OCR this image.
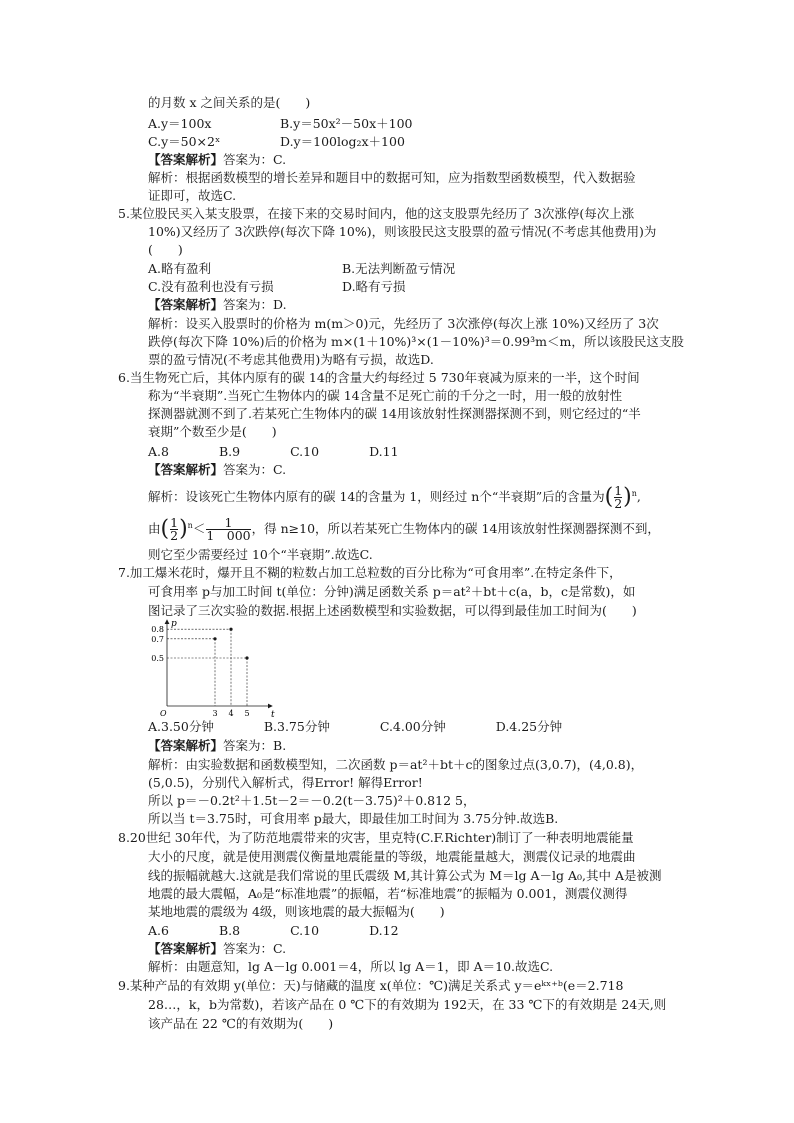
的月数 x 之间关系的是(　　)
A.y＝100x	B.y＝50x²－50x＋100
C.y＝50×2ˣ	D.y＝100log₂x＋100
【答案解析】答案为：C.
解析：根据函数模型的增长差异和题目中的数据可知，应为指数型函数模型，代入数据验
证即可，故选C.
5.某位股民买入某支股票，在接下来的交易时间内，他的这支股票先经历了 3次涨停(每次上涨
10%)又经历了 3次跌停(每次下降 10%)，则该股民这支股票的盈亏情况(不考虑其他费用)为
(　　)
A.略有盈利	B.无法判断盈亏情况
C.没有盈利也没有亏损	D.略有亏损
【答案解析】答案为：D.
解析：设买入股票时的价格为 m(m＞0)元，先经历了 3次涨停(每次上涨 10%)又经历了 3次
跌停(每次下降 10%)后的价格为 m×(1＋10%)³×(1－10%)³＝0.99³m＜m，所以该股民这支股
票的盈亏情况(不考虑其他费用)为略有亏损，故选D.
6.当生物死亡后，其体内原有的碳 14的含量大约每经过 5 730年衰减为原来的一半，这个时间
称为“半衰期”.当死亡生物体内的碳 14含量不足死亡前的千分之一时，用一般的放射性
探测器就测不到了.若某死亡生物体内的碳 14用该放射性探测器探测不到，则它经过的“半
衰期”个数至少是(　　)
A.8　　　　B.9　　　　C.10　　　　D.11
【答案解析】答案为：C.
解析：设该死亡生物体内原有的碳 14的含量为 1，则经过 n个“半衰期”后的含量为( $\frac{1}{2} )^n$,
由( $\frac{1}{2} )^n< \frac{1}{1 000}$ ，得 n≥10，所以若某死亡生物体内的碳 14用该放射性探测器探测不到，
则它至少需要经过 10个“半衰期”.故选C.
7.加工爆米花时，爆开且不糊的粒数占加工总粒数的百分比称为“可食用率”.在特定条件下，
可食用率 p与加工时间 t(单位：分钟)满足函数关系 p＝at²＋bt＋c(a，b，c是常数)，如
图记录了三次实验的数据.根据上述函数模型和实验数据，可以得到最佳加工时间为(　　)
p
t
O
0.8
0.7
0.5
3 4 5
A.3.50分钟　　　　B.3.75分钟　　　　C.4.00分钟　　　　D.4.25分钟
【答案解析】答案为：B.
解析：由实验数据和函数模型知，二次函数 p＝at²＋bt＋c的图象过点(3,0.7)，(4,0.8)，
(5,0.5)，分别代入解析式，得Error! 解得Error!
所以 p＝－0.2t²＋1.5t－2＝－0.2(t－3.75)²＋0.812 5，
所以当 t＝3.75时，可食用率 p最大，即最佳加工时间为 3.75分钟.故选B.
8.20世纪 30年代，为了防范地震带来的灾害，里克特(C.F.Richter)制订了一种表明地震能量
大小的尺度，就是使用测震仪衡量地震能量的等级，地震能量越大，测震仪记录的地震曲
线的振幅就越大.这就是我们常说的里氏震级 M,其计算公式为 M＝lg A－lg A₀,其中 A是被测
地震的最大震幅，A₀是“标准地震”的振幅，若“标准地震”的振幅为 0.001，测震仪测得
某地地震的震级为 4级，则该地震的最大振幅为(　　)
A.6　　　　B.8　　　　C.10　　　　D.12
【答案解析】答案为：C.
解析：由题意知，lg A－lg 0.001＝4，所以 lg A＝1，即 A＝10.故选C.
9.某种产品的有效期 y(单位：天)与储藏的温度 x(单位：℃)满足关系式 y＝eᵏˣ⁺ᵇ(e＝2.718
28…，k，b为常数)，若该产品在 0 ℃下的有效期为 192天，在 33 ℃下的有效期是 24天,则
该产品在 22 ℃的有效期为(　　)
